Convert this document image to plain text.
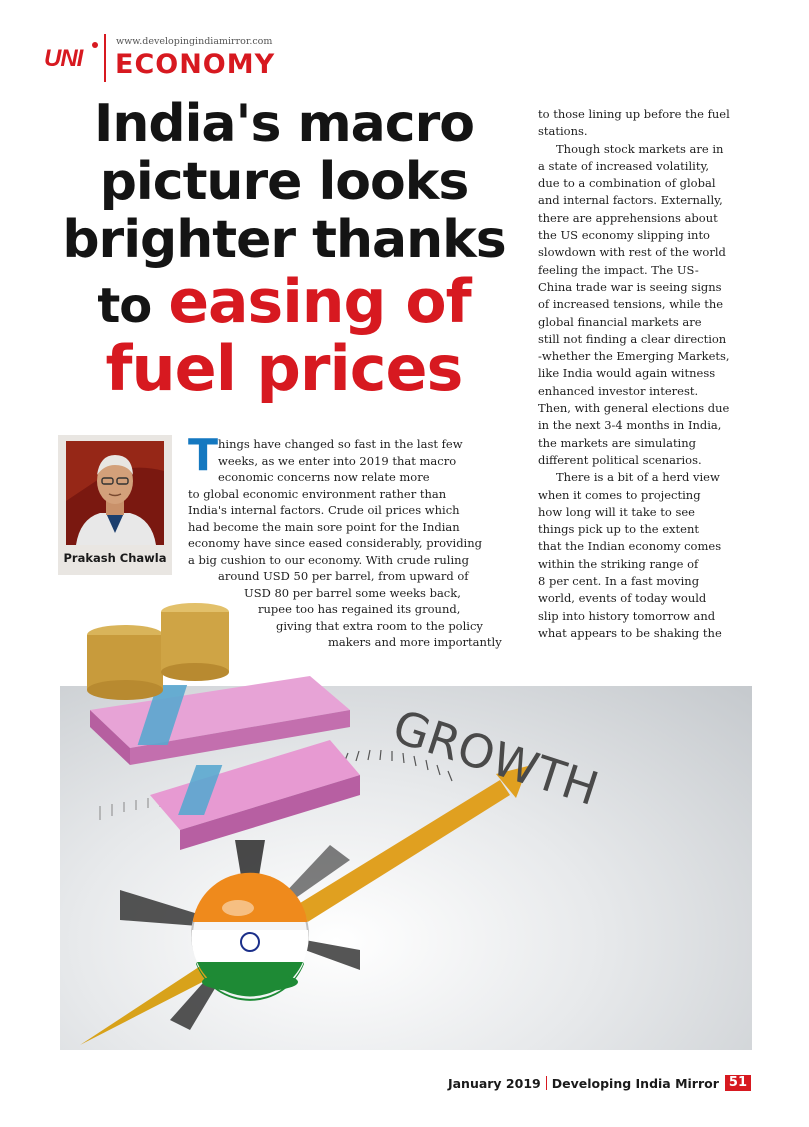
UNI
www.developingindiamirror.com
ECONOMY
India's macro
picture looks
brighter thanks
to easing of
fuel prices
Prakash Chawla
T hings have changed so fast in the last few
weeks, as we enter into 2019 that macro
economic concerns now relate more
to global economic environment rather than
India's internal factors. Crude oil prices which
had become the main sore point for the Indian
economy have since eased considerably, providing
a big cushion to our economy. With crude ruling
around USD 50 per barrel, from upward of
USD 80 per barrel some weeks back,
rupee too has regained its ground,
giving that extra room to the policy
makers and more importantly
to those lining up before the fuel
stations.
Though stock markets are in
a state of increased volatility,
due to a combination of global
and internal factors. Externally,
there are apprehensions about
the US economy slipping into
slowdown with rest of the world
feeling the impact. The US-
China trade war is seeing signs
of increased tensions, while the
global financial markets are
still not finding a clear direction
-whether the Emerging Markets,
like India would again witness
enhanced investor interest.
Then, with general elections due
in the next 3-4 months in India,
the markets are simulating
different political scenarios.
There is a bit of a herd view
when it comes to projecting
how long will it take to see
things pick up to the extent
that the Indian economy comes
within the striking range of
8 per cent. In a fast moving
world, events of today would
slip into history tomorrow and
what appears to be shaking the
GROWTH
January 2019 Developing India Mirror 51
